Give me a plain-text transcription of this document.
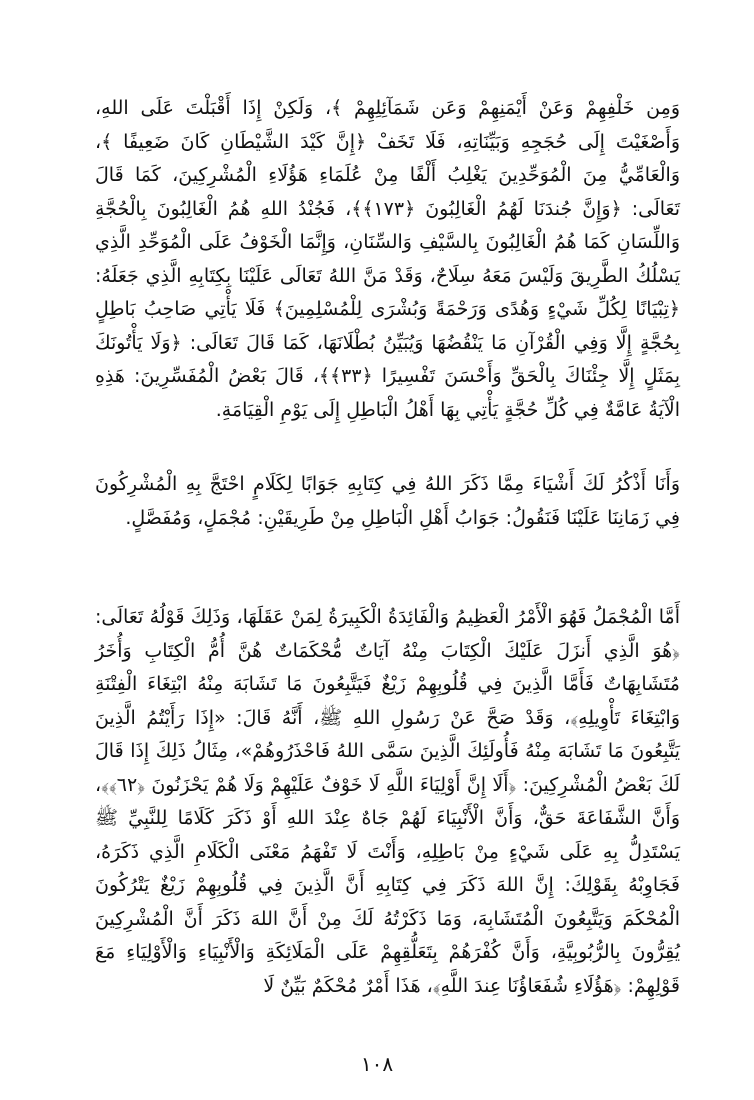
وَمِن خَلْفِهِمْ وَعَنْ أَيْمَنِهِمْ وَعَن شَمَآئِلِهِمْ ﴾، وَلَكِنْ إِذَا أَقْبَلْتَ عَلَى اللهِ، وَأَصْغَيْتَ إِلَى حُجَجِهِ وَبَيِّنَاتِهِ، فَلَا تَخَفْ ﴿إِنَّ كَيْدَ الشَّيْطَانِ كَانَ ضَعِيفًا ﴾، وَالْعَامِّيُّ مِنَ الْمُوَحِّدِينَ يَغْلِبُ أَلْفًا مِنْ عُلَمَاءِ هَؤُلَاءِ الْمُشْرِكِينَ، كَمَا قَالَ تَعَالَى: ﴿وَإِنَّ جُندَنَا لَهُمُ الْغَالِبُونَ ﴿١٧٣﴾﴾، فَجُنْدُ اللهِ هُمُ الْغَالِبُونَ بِالْحُجَّةِ وَاللِّسَانِ كَمَا هُمُ الْغَالِبُونَ بِالسَّيْفِ وَالسِّنَانِ، وَإِنَّمَا الْخَوْفُ عَلَى الْمُوَحِّدِ الَّذِي يَسْلُكُ الطَّرِيقَ وَلَيْسَ مَعَهُ سِلَاحٌ، وَقَدْ مَنَّ اللهُ تَعَالَى عَلَيْنَا بِكِتَابِهِ الَّذِي جَعَلَهُ: ﴿تِبْيَانًا لِكُلِّ شَيْءٍ وَهُدًى وَرَحْمَةً وَبُشْرَى لِلْمُسْلِمِينَ﴾ فَلَا يَأْتِي صَاحِبُ بَاطِلٍ بِحُجَّةٍ إِلَّا وَفِي الْقُرْآنِ مَا يَنْقُضُهَا وَيُبَيِّنُ بُطْلَانَهَا، كَمَا قَالَ تَعَالَى: ﴿وَلَا يَأْتُونَكَ بِمَثَلٍ إِلَّا جِئْنَاكَ بِالْحَقِّ وَأَحْسَنَ تَفْسِيرًا ﴿٣٣﴾﴾، قَالَ بَعْضُ الْمُفَسِّرِينَ: هَذِهِ الْآيَةُ عَامَّةٌ فِي كُلِّ حُجَّةٍ يَأْتِي بِهَا أَهْلُ الْبَاطِلِ إِلَى يَوْمِ الْقِيَامَةِ.

وَأَنَا أَذْكُرُ لَكَ أَشْيَاءَ مِمَّا ذَكَرَ اللهُ فِي كِتَابِهِ جَوَابًا لِكَلَامٍ احْتَجَّ بِهِ الْمُشْرِكُونَ فِي زَمَانِنَا عَلَيْنَا فَنَقُولُ: جَوَابُ أَهْلِ الْبَاطِلِ مِنْ طَرِيقَيْنِ: مُجْمَلٍ، وَمُفَصَّلٍ.

أَمَّا الْمُجْمَلُ فَهُوَ الْأَمْرُ الْعَظِيمُ وَالْفَائِدَةُ الْكَبِيرَةُ لِمَنْ عَقَلَهَا، وَذَلِكَ قَوْلُهُ تَعَالَى: ﴿هُوَ الَّذِي أَنزَلَ عَلَيْكَ الْكِتَابَ مِنْهُ آيَاتٌ مُّحْكَمَاتٌ هُنَّ أُمُّ الْكِتَابِ وَأُخَرُ مُتَشَابِهَاتٌ فَأَمَّا الَّذِينَ فِي قُلُوبِهِمْ زَيْغٌ فَيَتَّبِعُونَ مَا تَشَابَهَ مِنْهُ ابْتِغَاءَ الْفِتْنَةِ وَابْتِغَاءَ تَأْوِيلِهِ﴾، وَقَدْ صَحَّ عَنْ رَسُولِ اللهِ ﷺ، أَنَّهُ قَالَ: «إِذَا رَأَيْتُمُ الَّذِينَ يَتَّبِعُونَ مَا تَشَابَهَ مِنْهُ فَأُولَئِكَ الَّذِينَ سَمَّى اللهُ فَاحْذَرُوهُمْ»، مِثَالُ ذَلِكَ إِذَا قَالَ لَكَ بَعْضُ الْمُشْرِكِينَ: ﴿أَلَا إِنَّ أَوْلِيَاءَ اللَّهِ لَا خَوْفٌ عَلَيْهِمْ وَلَا هُمْ يَحْزَنُونَ ﴿٦٢﴾﴾، وَأَنَّ الشَّفَاعَةَ حَقٌّ، وَأَنَّ الْأَنْبِيَاءَ لَهُمْ جَاهٌ عِنْدَ اللهِ أَوْ ذَكَرَ كَلَامًا لِلنَّبِيِّ ﷺ يَسْتَدِلُّ بِهِ عَلَى شَيْءٍ مِنْ بَاطِلِهِ، وَأَنْتَ لَا تَفْهَمُ مَعْنَى الْكَلَامِ الَّذِي ذَكَرَهُ، فَجَاوِبْهُ بِقَوْلِكَ: إِنَّ اللهَ ذَكَرَ فِي كِتَابِهِ أَنَّ الَّذِينَ فِي قُلُوبِهِمْ زَيْغٌ يَتْرُكُونَ الْمُحْكَمَ وَيَتَّبِعُونَ الْمُتَشَابِهَ، وَمَا ذَكَرْتُهُ لَكَ مِنْ أَنَّ اللهَ ذَكَرَ أَنَّ الْمُشْرِكِينَ يُقِرُّونَ بِالرُّبُوبِيَّةِ، وَأَنَّ كُفْرَهُمْ بِتَعَلُّقِهِمْ عَلَى الْمَلَائِكَةِ وَالْأَنْبِيَاءِ وَالْأَوْلِيَاءِ مَعَ قَوْلِهِمْ: ﴿هَؤُلَاءِ شُفَعَاؤُنَا عِندَ اللَّهِ﴾، هَذَا أَمْرٌ مُحْكَمٌ بَيِّنٌ لَا

١٠٨
